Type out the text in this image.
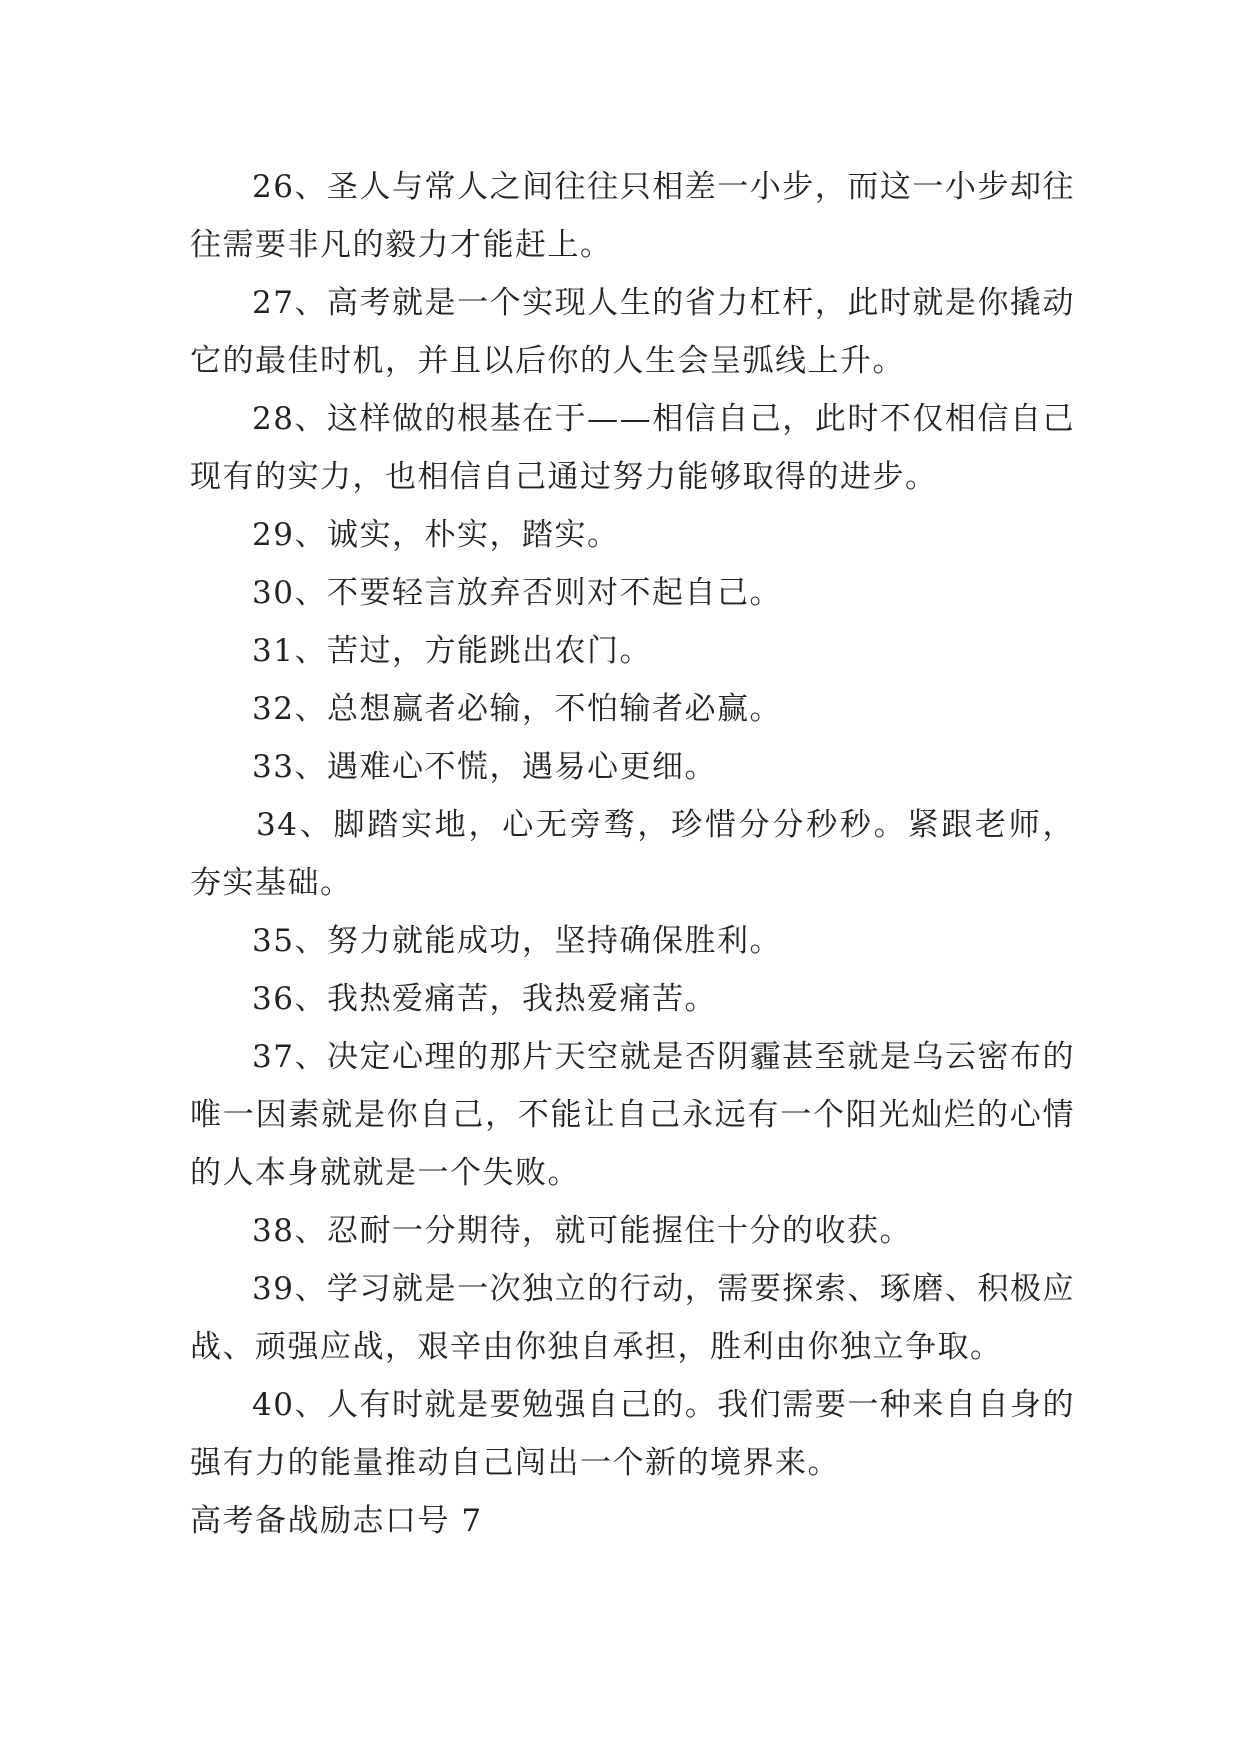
26、圣人与常人之间往往只相差一小步，而这一小步却往往需要非凡的毅力才能赶上。

27、高考就是一个实现人生的省力杠杆，此时就是你撬动它的最佳时机，并且以后你的人生会呈弧线上升。

28、这样做的根基在于——相信自己，此时不仅相信自己现有的实力，也相信自己通过努力能够取得的进步。

29、诚实，朴实，踏实。

30、不要轻言放弃否则对不起自己。

31、苦过，方能跳出农门。

32、总想赢者必输，不怕输者必赢。

33、遇难心不慌，遇易心更细。

34、脚踏实地，心无旁骛，珍惜分分秒秒。紧跟老师，夯实基础。

35、努力就能成功，坚持确保胜利。

36、我热爱痛苦，我热爱痛苦。

37、决定心理的那片天空就是否阴霾甚至就是乌云密布的唯一因素就是你自己，不能让自己永远有一个阳光灿烂的心情的人本身就就是一个失败。

38、忍耐一分期待，就可能握住十分的收获。

39、学习就是一次独立的行动，需要探索、琢磨、积极应战、顽强应战，艰辛由你独自承担，胜利由你独立争取。

40、人有时就是要勉强自己的。我们需要一种来自自身的强有力的能量推动自己闯出一个新的境界来。

高考备战励志口号 7
